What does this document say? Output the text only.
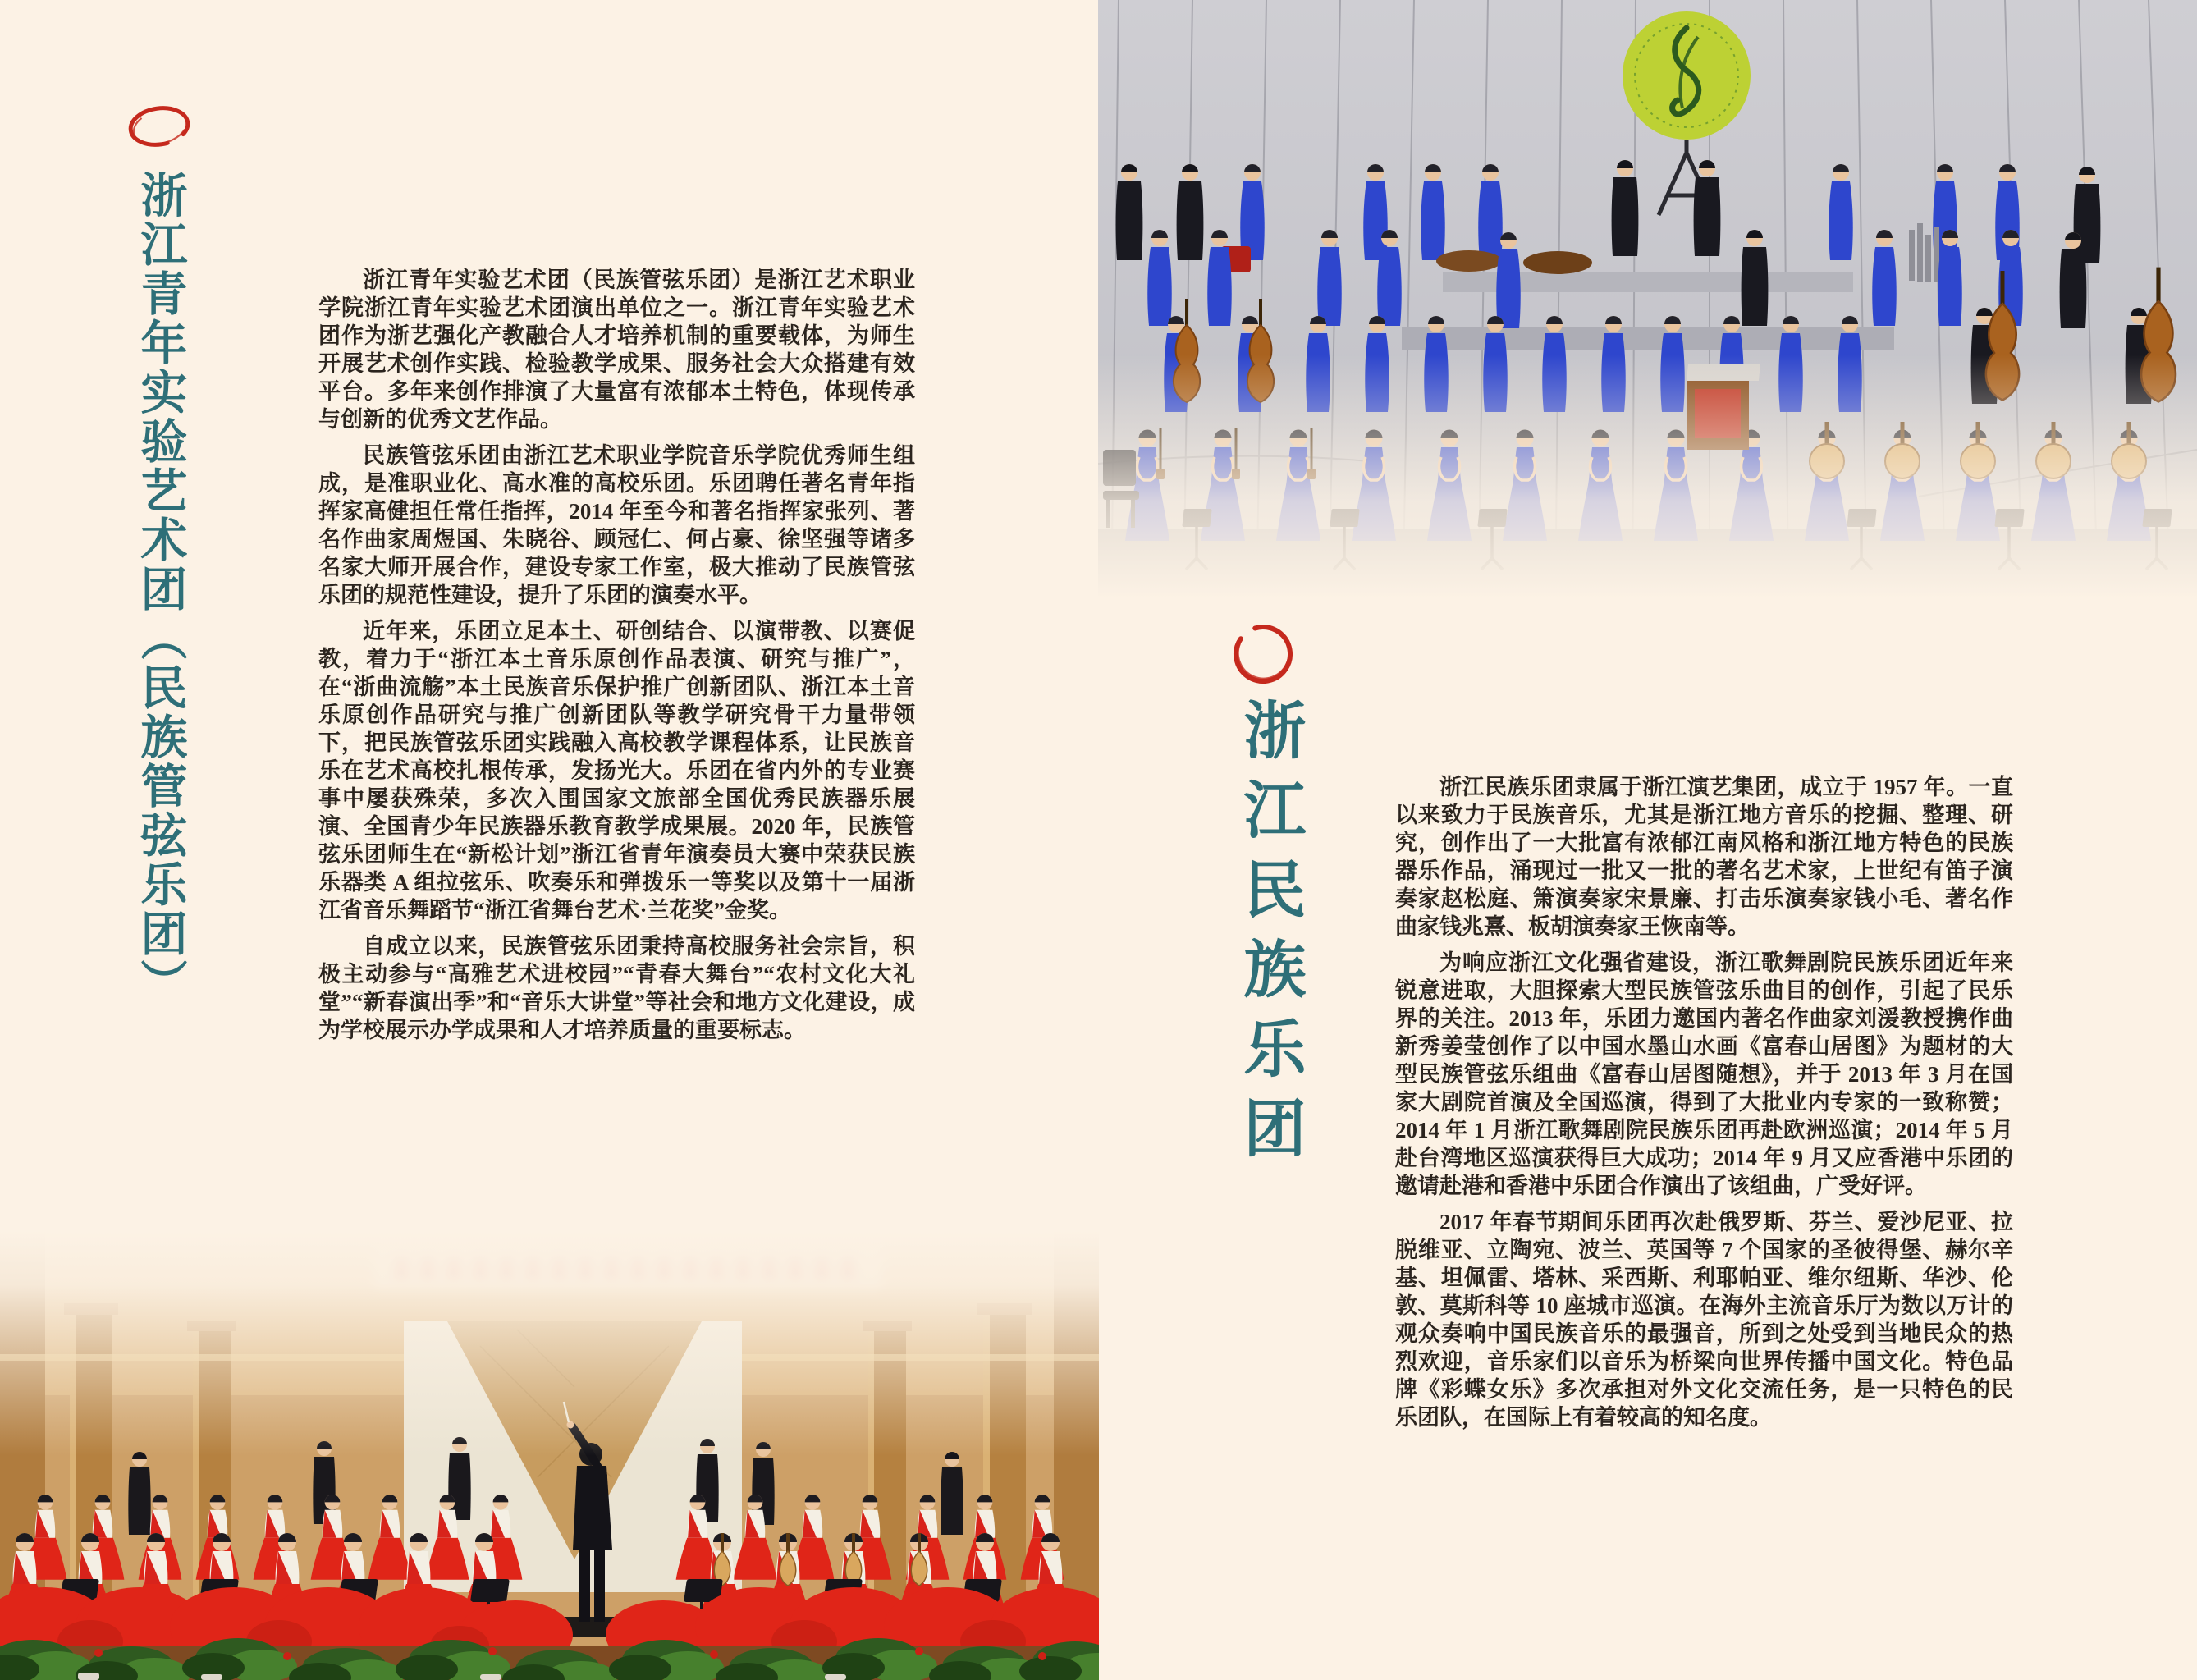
浙江青年实验艺术团（民族管弦乐团）	浙江青年实验艺术团（民族管弦乐团）是浙江艺术职业学院浙江青年实验艺术团演出单位之一。浙江青年实验艺术团作为浙艺强化产教融合人才培养机制的重要载体，为师生开展艺术创作实践、检验教学成果、服务社会大众搭建有效平台。多年来创作排演了大量富有浓郁本土特色，体现传承与创新的优秀文艺作品。

民族管弦乐团由浙江艺术职业学院音乐学院优秀师生组成，是准职业化、高水准的高校乐团。乐团聘任著名青年指挥家高健担任常任指挥，2014 年至今和著名指挥家张列、著名作曲家周煜国、朱晓谷、顾冠仁、何占豪、徐坚强等诸多名家大师开展合作，建设专家工作室，极大推动了民族管弦乐团的规范性建设，提升了乐团的演奏水平。

近年来，乐团立足本土、研创结合、以演带教、以赛促教，着力于“浙江本土音乐原创作品表演、研究与推广”，在“浙曲流觞”本土民族音乐保护推广创新团队、浙江本土音乐原创作品研究与推广创新团队等教学研究骨干力量带领下，把民族管弦乐团实践融入高校教学课程体系，让民族音乐在艺术高校扎根传承，发扬光大。乐团在省内外的专业赛事中屡获殊荣，多次入围国家文旅部全国优秀民族器乐展演、全国青少年民族器乐教育教学成果展。2020 年，民族管弦乐团师生在“新松计划”浙江省青年演奏员大赛中荣获民族乐器类 A 组拉弦乐、吹奏乐和弹拨乐一等奖以及第十一届浙江省音乐舞蹈节“浙江省舞台艺术·兰花奖”金奖。

自成立以来，民族管弦乐团秉持高校服务社会宗旨，积极主动参与“高雅艺术进校园”“青春大舞台”“农村文化大礼堂”“新春演出季”和“音乐大讲堂”等社会和地方文化建设，成为学校展示办学成果和人才培养质量的重要标志。	浙江民族乐团	浙江民族乐团隶属于浙江演艺集团，成立于 1957 年。一直以来致力于民族音乐，尤其是浙江地方音乐的挖掘、整理、研究，创作出了一大批富有浓郁江南风格和浙江地方特色的民族器乐作品，涌现过一批又一批的著名艺术家，上世纪有笛子演奏家赵松庭、箫演奏家宋景廉、打击乐演奏家钱小毛、著名作曲家钱兆熹、板胡演奏家王恢南等。

为响应浙江文化强省建设，浙江歌舞剧院民族乐团近年来锐意进取，大胆探索大型民族管弦乐曲目的创作，引起了民乐界的关注。2013 年，乐团力邀国内著名作曲家刘湲教授携作曲新秀姜莹创作了以中国水墨山水画《富春山居图》为题材的大型民族管弦乐组曲《富春山居图随想》，并于 2013 年 3 月在国家大剧院首演及全国巡演，得到了大批业内专家的一致称赞；2014 年 1 月浙江歌舞剧院民族乐团再赴欧洲巡演；2014 年 5 月赴台湾地区巡演获得巨大成功；2014 年 9 月又应香港中乐团的邀请赴港和香港中乐团合作演出了该组曲，广受好评。

2017 年春节期间乐团再次赴俄罗斯、芬兰、爱沙尼亚、拉脱维亚、立陶宛、波兰、英国等 7 个国家的圣彼得堡、赫尔辛基、坦佩雷、塔林、采西斯、利耶帕亚、维尔纽斯、华沙、伦敦、莫斯科等 10 座城市巡演。在海外主流音乐厅为数以万计的观众奏响中国民族音乐的最强音，所到之处受到当地民众的热烈欢迎，音乐家们以音乐为桥梁向世界传播中国文化。特色品牌《彩蝶女乐》多次承担对外文化交流任务，是一只特色的民乐团队，在国际上有着较高的知名度。
